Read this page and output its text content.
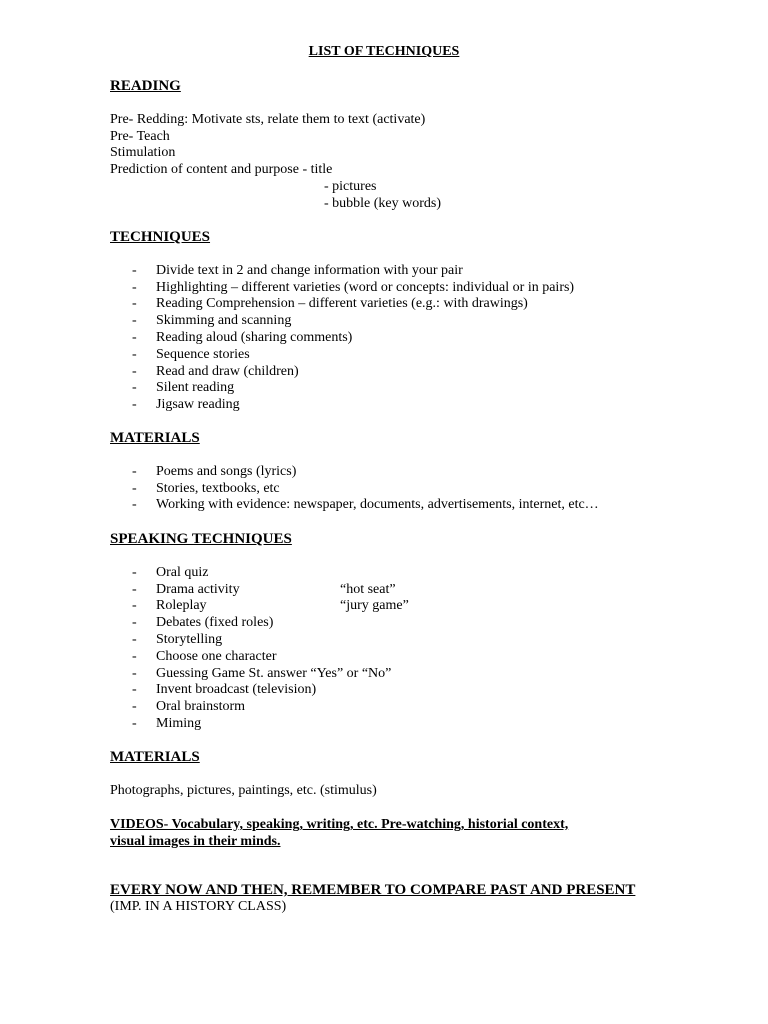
LIST OF TECHNIQUES

READING

Pre- Redding: Motivate sts, relate them to text (activate)

Pre- Teach

Stimulation

Prediction of content and purpose - title

- pictures

- bubble (key words)

TECHNIQUES

- Divide text in 2 and change information with your pair
- Highlighting – different varieties (word or concepts: individual or in pairs)
- Reading Comprehension – different varieties (e.g.: with drawings)
- Skimming and scanning
- Reading aloud (sharing comments)
- Sequence stories
- Read and draw (children)
- Silent reading
- Jigsaw reading

MATERIALS

- Poems and songs (lyrics)
- Stories, textbooks, etc
- Working with evidence: newspaper, documents, advertisements, internet, etc…

SPEAKING TECHNIQUES

- Oral quiz
- Drama activity	“hot seat”
- Roleplay	“jury game”
- Debates (fixed roles)
- Storytelling
- Choose one character
- Guessing Game St. answer “Yes” or “No”
- Invent broadcast (television)
- Oral brainstorm
- Miming

MATERIALS

Photographs, pictures, paintings, etc. (stimulus)

VIDEOS- Vocabulary, speaking, writing, etc. Pre-watching, historial context,

visual images in their minds.

EVERY NOW AND THEN, REMEMBER TO COMPARE PAST AND PRESENT

(IMP. IN A HISTORY CLASS)
